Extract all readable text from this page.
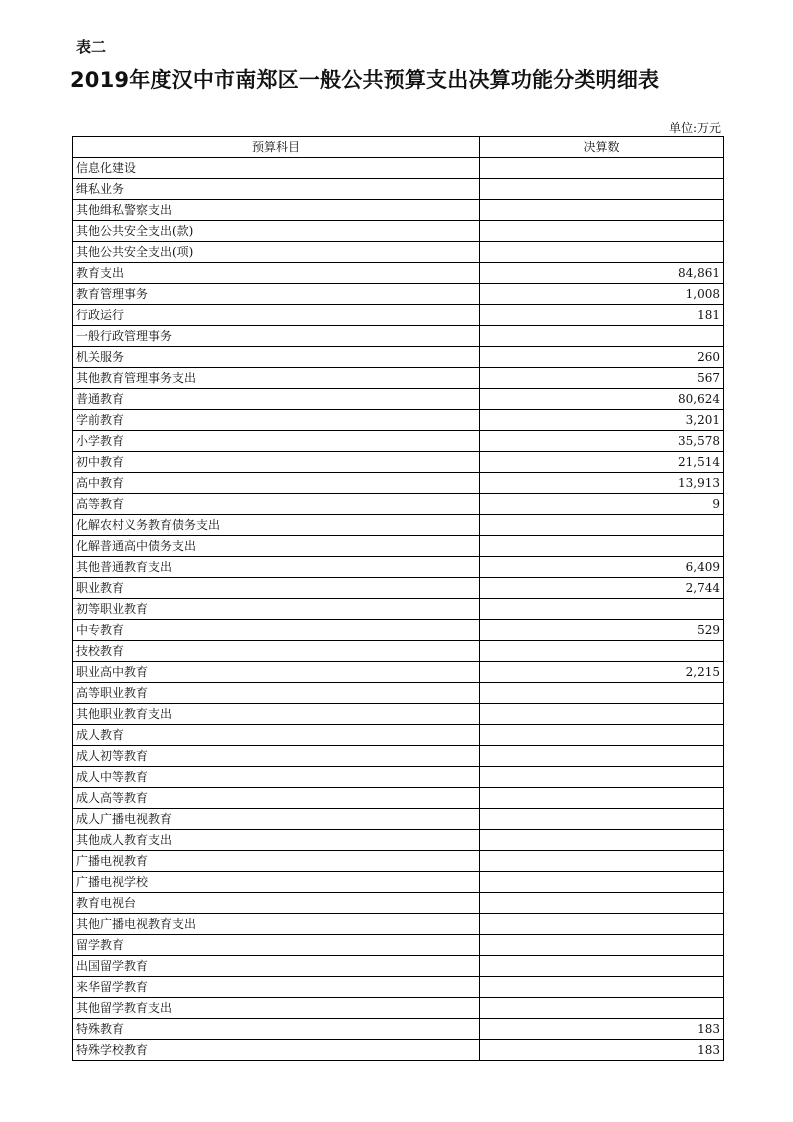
表二
2019年度汉中市南郑区一般公共预算支出决算功能分类明细表
单位:万元
预算科目	决算数
信息化建设	
缉私业务	
其他缉私警察支出	
其他公共安全支出(款)	
其他公共安全支出(项)	
教育支出	84,861
教育管理事务	1,008
行政运行	181
一般行政管理事务	
机关服务	260
其他教育管理事务支出	567
普通教育	80,624
学前教育	3,201
小学教育	35,578
初中教育	21,514
高中教育	13,913
高等教育	9
化解农村义务教育债务支出	
化解普通高中债务支出	
其他普通教育支出	6,409
职业教育	2,744
初等职业教育	
中专教育	529
技校教育	
职业高中教育	2,215
高等职业教育	
其他职业教育支出	
成人教育	
成人初等教育	
成人中等教育	
成人高等教育	
成人广播电视教育	
其他成人教育支出	
广播电视教育	
广播电视学校	
教育电视台	
其他广播电视教育支出	
留学教育	
出国留学教育	
来华留学教育	
其他留学教育支出	
特殊教育	183
特殊学校教育	183
